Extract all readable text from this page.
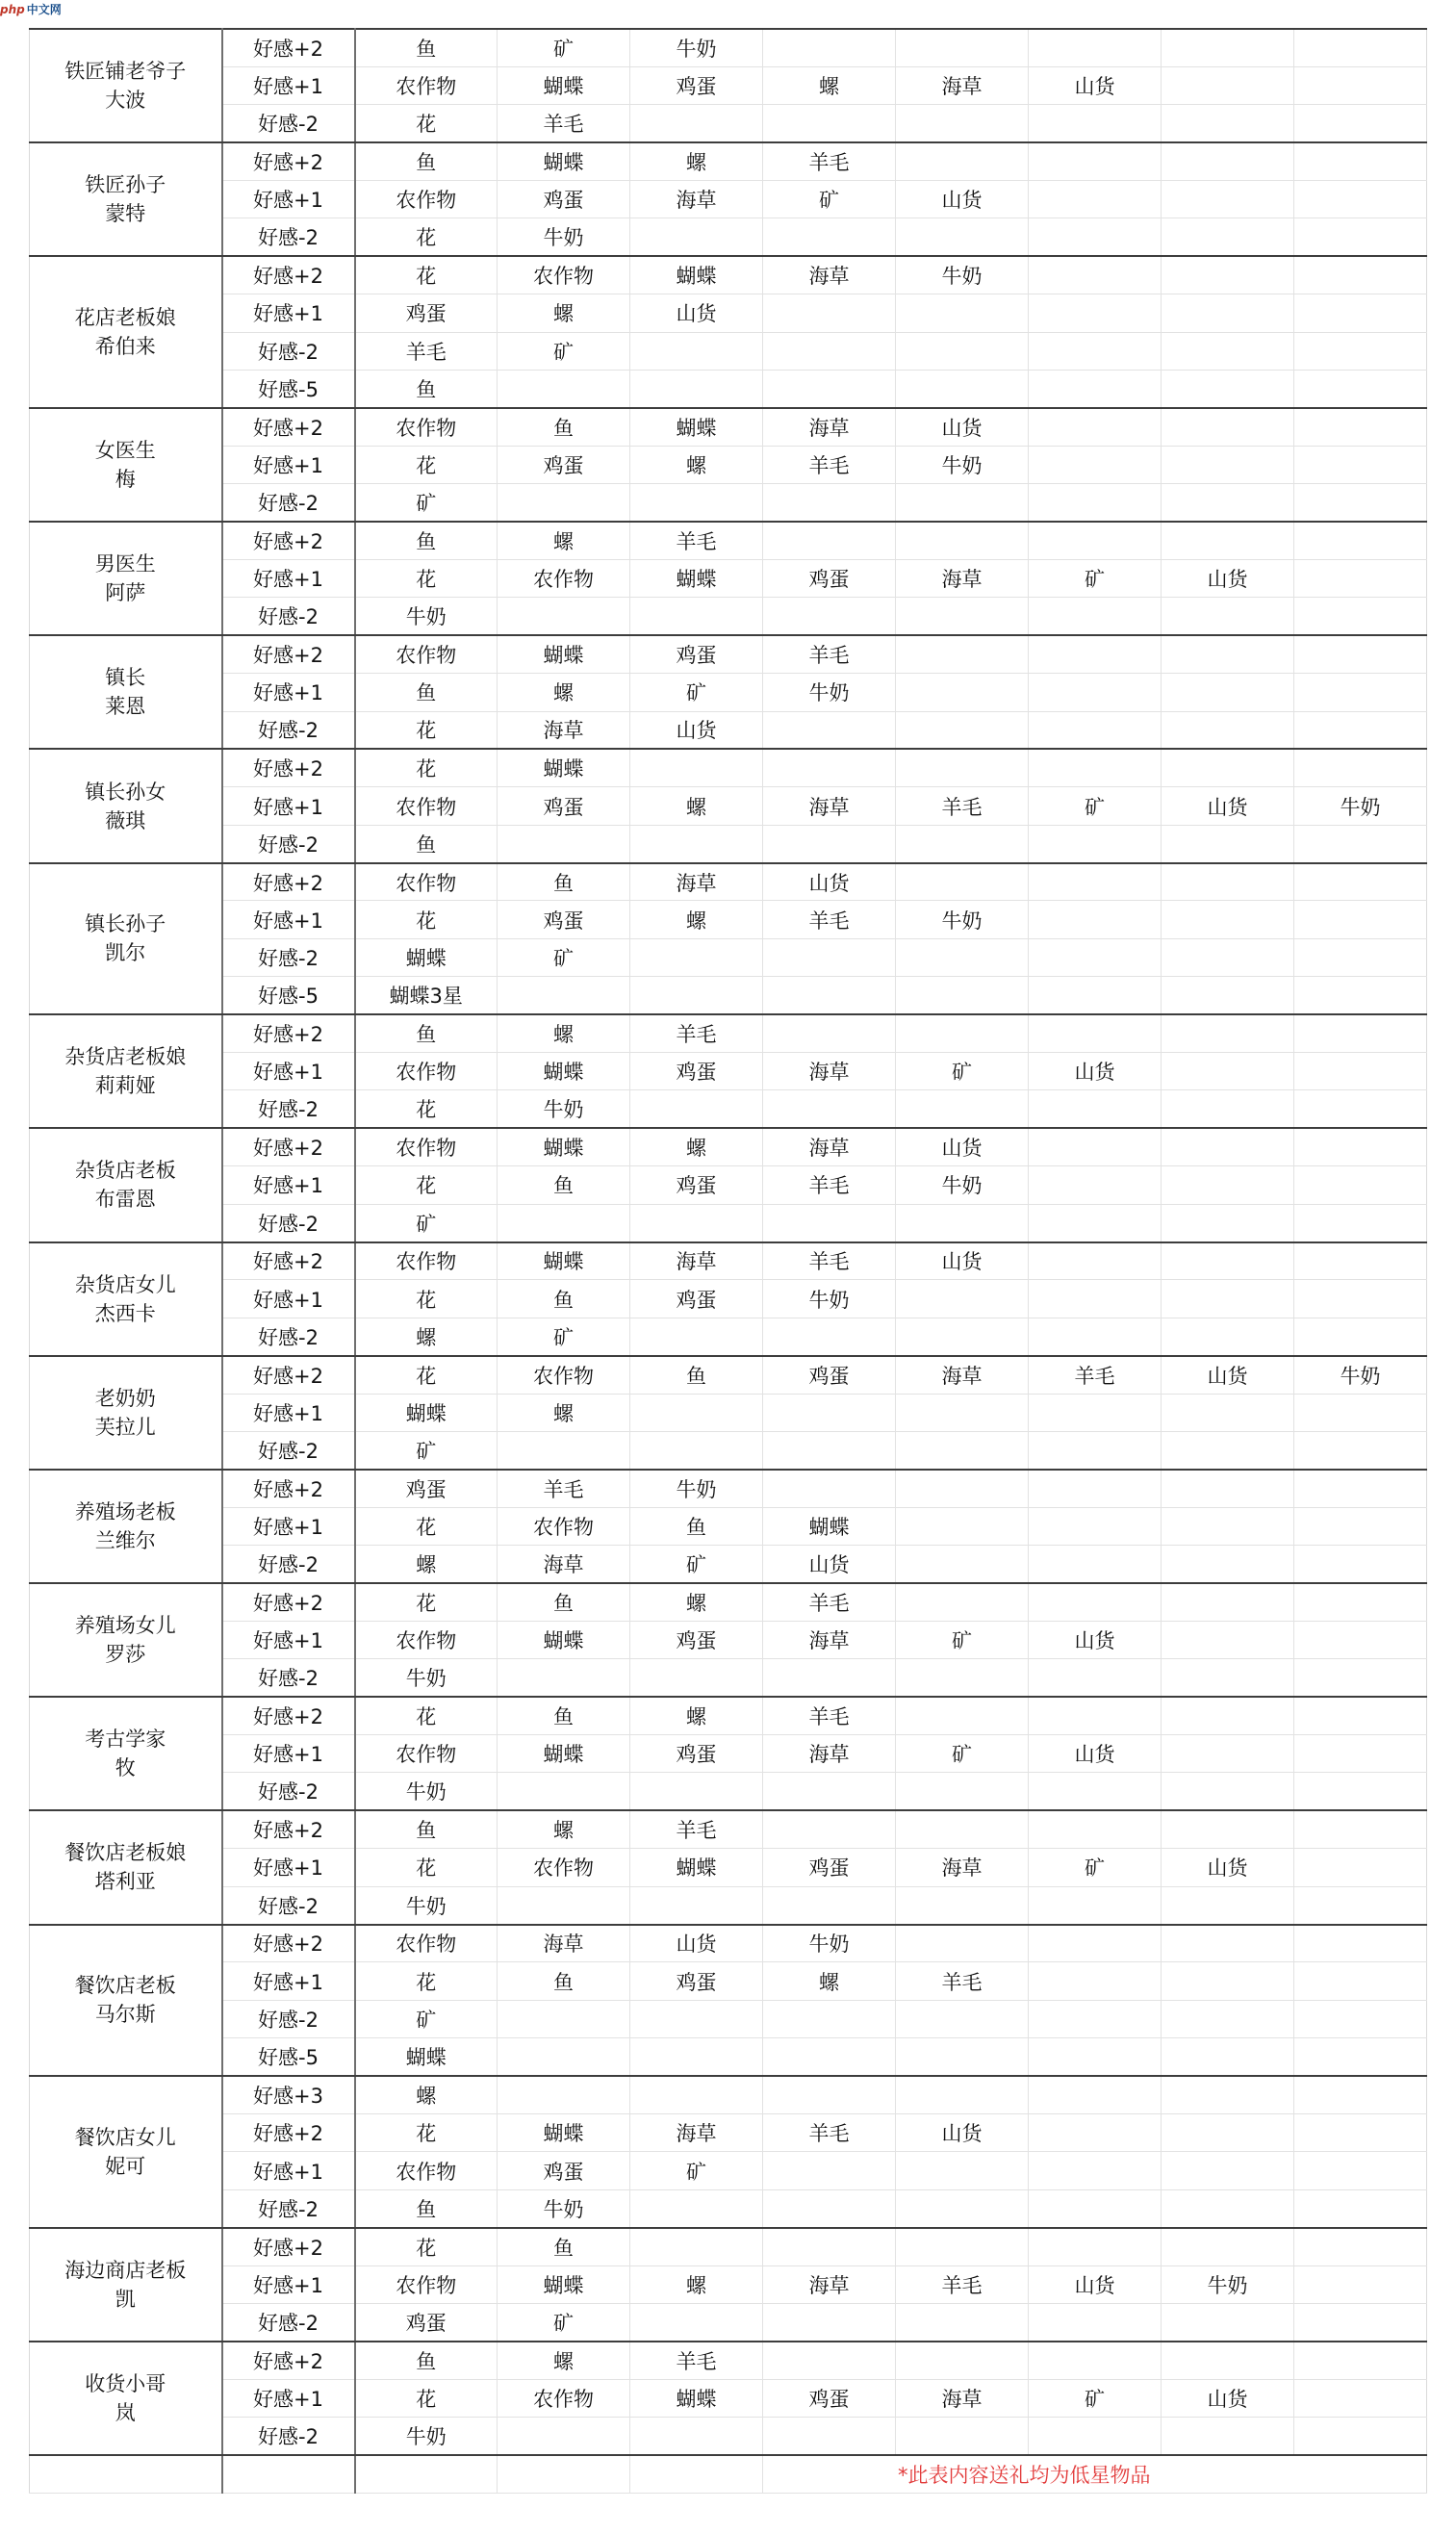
php 中文网
铁匠铺老爷子
大波	好感+2	鱼	矿	牛奶					
	好感+1	农作物	蝴蝶	鸡蛋	螺	海草	山货		
	好感-2	花	羊毛						

铁匠孙子
蒙特	好感+2	鱼	蝴蝶	螺	羊毛				
	好感+1	农作物	鸡蛋	海草	矿	山货			
	好感-2	花	牛奶						

花店老板娘
希伯来	好感+2	花	农作物	蝴蝶	海草	牛奶			
	好感+1	鸡蛋	螺	山货					
	好感-2	羊毛	矿						
	好感-5	鱼							

女医生
梅	好感+2	农作物	鱼	蝴蝶	海草	山货			
	好感+1	花	鸡蛋	螺	羊毛	牛奶			
	好感-2	矿							

男医生
阿萨	好感+2	鱼	螺	羊毛					
	好感+1	花	农作物	蝴蝶	鸡蛋	海草	矿	山货	
	好感-2	牛奶							

镇长
莱恩	好感+2	农作物	蝴蝶	鸡蛋	羊毛				
	好感+1	鱼	螺	矿	牛奶				
	好感-2	花	海草	山货					

镇长孙女
薇琪	好感+2	花	蝴蝶						
	好感+1	农作物	鸡蛋	螺	海草	羊毛	矿	山货	牛奶
	好感-2	鱼							

镇长孙子
凯尔	好感+2	农作物	鱼	海草	山货				
	好感+1	花	鸡蛋	螺	羊毛	牛奶			
	好感-2	蝴蝶	矿						
	好感-5	蝴蝶3星							

杂货店老板娘
莉莉娅	好感+2	鱼	螺	羊毛					
	好感+1	农作物	蝴蝶	鸡蛋	海草	矿	山货		
	好感-2	花	牛奶						

杂货店老板
布雷恩	好感+2	农作物	蝴蝶	螺	海草	山货			
	好感+1	花	鱼	鸡蛋	羊毛	牛奶			
	好感-2	矿							

杂货店女儿
杰西卡	好感+2	农作物	蝴蝶	海草	羊毛	山货			
	好感+1	花	鱼	鸡蛋	牛奶				
	好感-2	螺	矿						

老奶奶
芙拉儿	好感+2	花	农作物	鱼	鸡蛋	海草	羊毛	山货	牛奶
	好感+1	蝴蝶	螺						
	好感-2	矿							

养殖场老板
兰维尔	好感+2	鸡蛋	羊毛	牛奶					
	好感+1	花	农作物	鱼	蝴蝶				
	好感-2	螺	海草	矿	山货				

养殖场女儿
罗莎	好感+2	花	鱼	螺	羊毛				
	好感+1	农作物	蝴蝶	鸡蛋	海草	矿	山货		
	好感-2	牛奶							

考古学家
牧	好感+2	花	鱼	螺	羊毛				
	好感+1	农作物	蝴蝶	鸡蛋	海草	矿	山货		
	好感-2	牛奶							

餐饮店老板娘
塔利亚	好感+2	鱼	螺	羊毛					
	好感+1	花	农作物	蝴蝶	鸡蛋	海草	矿	山货	
	好感-2	牛奶							

餐饮店老板
马尔斯	好感+2	农作物	海草	山货	牛奶				
	好感+1	花	鱼	鸡蛋	螺	羊毛			
	好感-2	矿							
	好感-5	蝴蝶							

餐饮店女儿
妮可	好感+3	螺							
	好感+2	花	蝴蝶	海草	羊毛	山货			
	好感+1	农作物	鸡蛋	矿					
	好感-2	鱼	牛奶						

海边商店老板
凯	好感+2	花	鱼						
	好感+1	农作物	蝴蝶	螺	海草	羊毛	山货	牛奶	
	好感-2	鸡蛋	矿						

收货小哥
岚	好感+2	鱼	螺	羊毛					
	好感+1	花	农作物	蝴蝶	鸡蛋	海草	矿	山货	
	好感-2	牛奶							
					*此表内容送礼均为低星物品				
